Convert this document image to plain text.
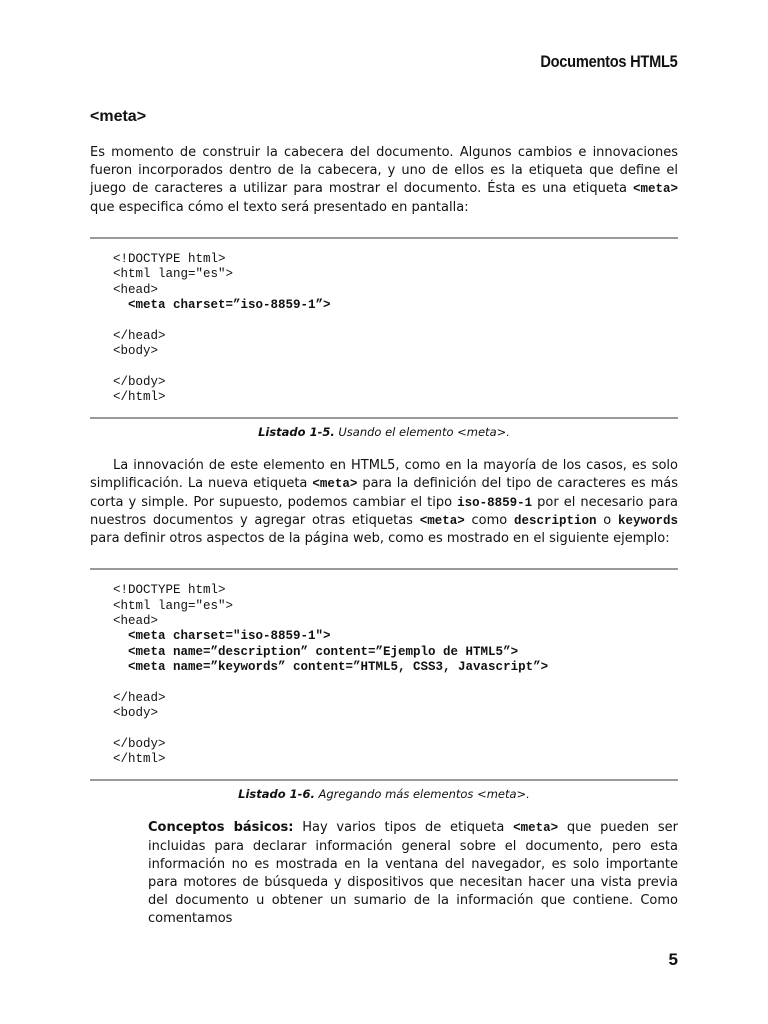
Documentos HTML5
<meta>

Es momento de construir la cabecera del documento. Algunos cambios e innovaciones fueron incorporados dentro de la cabecera, y uno de ellos es la etiqueta que define el juego de caracteres a utilizar para mostrar el documento. Ésta es una etiqueta <meta> que especifica cómo el texto será presentado en pantalla:

<!DOCTYPE html>
<html lang="es">
<head>
<meta charset=”iso-8859-1”>
</head>
<body>
</body>
</html>
Listado 1-5. Usando el elemento <meta>.

La innovación de este elemento en HTML5, como en la mayoría de los casos, es solo simplificación. La nueva etiqueta <meta> para la definición del tipo de caracteres es más corta y simple. Por supuesto, podemos cambiar el tipo iso-8859-1 por el necesario para nuestros documentos y agregar otras etiquetas <meta> como description o keywords para definir otros aspectos de la página web, como es mostrado en el siguiente ejemplo:

<!DOCTYPE html>
<html lang="es">
<head>
<meta charset="iso-8859-1">
<meta name=”description” content=”Ejemplo de HTML5”>
<meta name=”keywords” content=”HTML5, CSS3, Javascript”>
</head>
<body>
</body>
</html>
Listado 1-6. Agregando más elementos <meta>.

Conceptos básicos: Hay varios tipos de etiqueta <meta> que pueden ser incluidas para declarar información general sobre el documento, pero esta información no es mostrada en la ventana del navegador, es solo importante para motores de búsqueda y dispositivos que necesitan hacer una vista previa del documento u obtener un sumario de la información que contiene. Como comentamos

5
